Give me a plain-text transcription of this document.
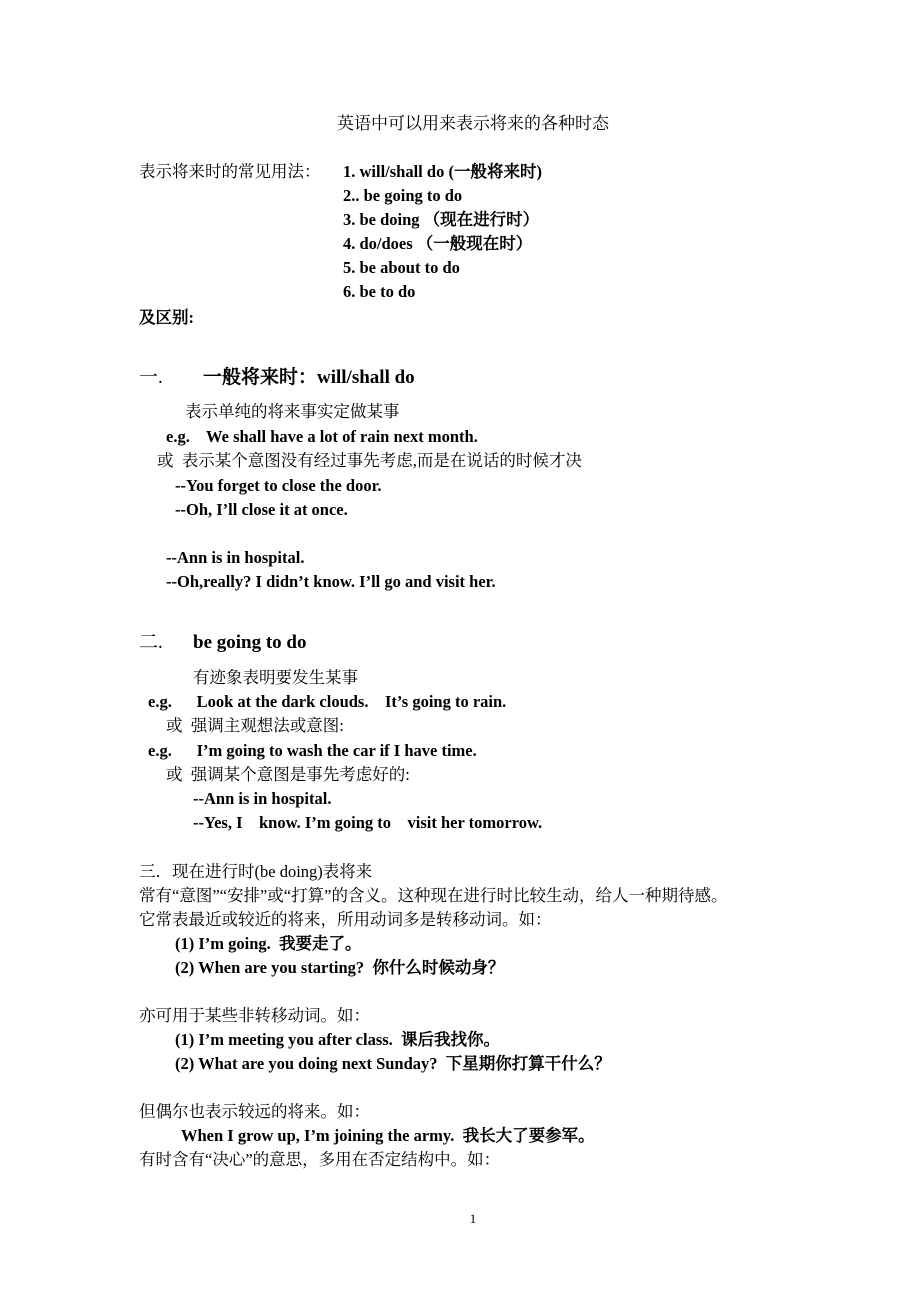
英语中可以用来表示将来的各种时态
表示将来时的常见用法： 1. will/shall do (一般将来时)
2.. be going to do
3. be doing （现在进行时）
4. do/does （一般现在时）
5. be about to do
6. be to do
及区别:
一. 一般将来时：will/shall do
表示单纯的将来事实定做某事
e.g.    We shall have a lot of rain next month.
或  表示某个意图没有经过事先考虑,而是在说话的时候才决
--You forget to close the door.
--Oh, I’ll close it at once.
--Ann is in hospital.
--Oh,really? I didn’t know. I’ll go and visit her.
二. be going to do
有迹象表明要发生某事
e.g.      Look at the dark clouds.    It’s going to rain.
或  强调主观想法或意图:
e.g.      I’m going to wash the car if I have time.
或  强调某个意图是事先考虑好的:
--Ann is in hospital.
--Yes, I    know. I’m going to    visit her tomorrow.
三．现在进行时(be doing)表将来
常有“意图”“安排”或“打算”的含义。这种现在进行时比较生动，给人一种期待感。
它常表最近或较近的将来，所用动词多是转移动词。如：
(1) I’m going.  我要走了。
(2) When are you starting?  你什么时候动身？
亦可用于某些非转移动词。如：
(1) I’m meeting you after class.  课后我找你。
(2) What are you doing next Sunday?  下星期你打算干什么？
但偶尔也表示较远的将来。如：
When I grow up, I’m joining the army.  我长大了要参军。
有时含有“决心”的意思，多用在否定结构中。如：
1
